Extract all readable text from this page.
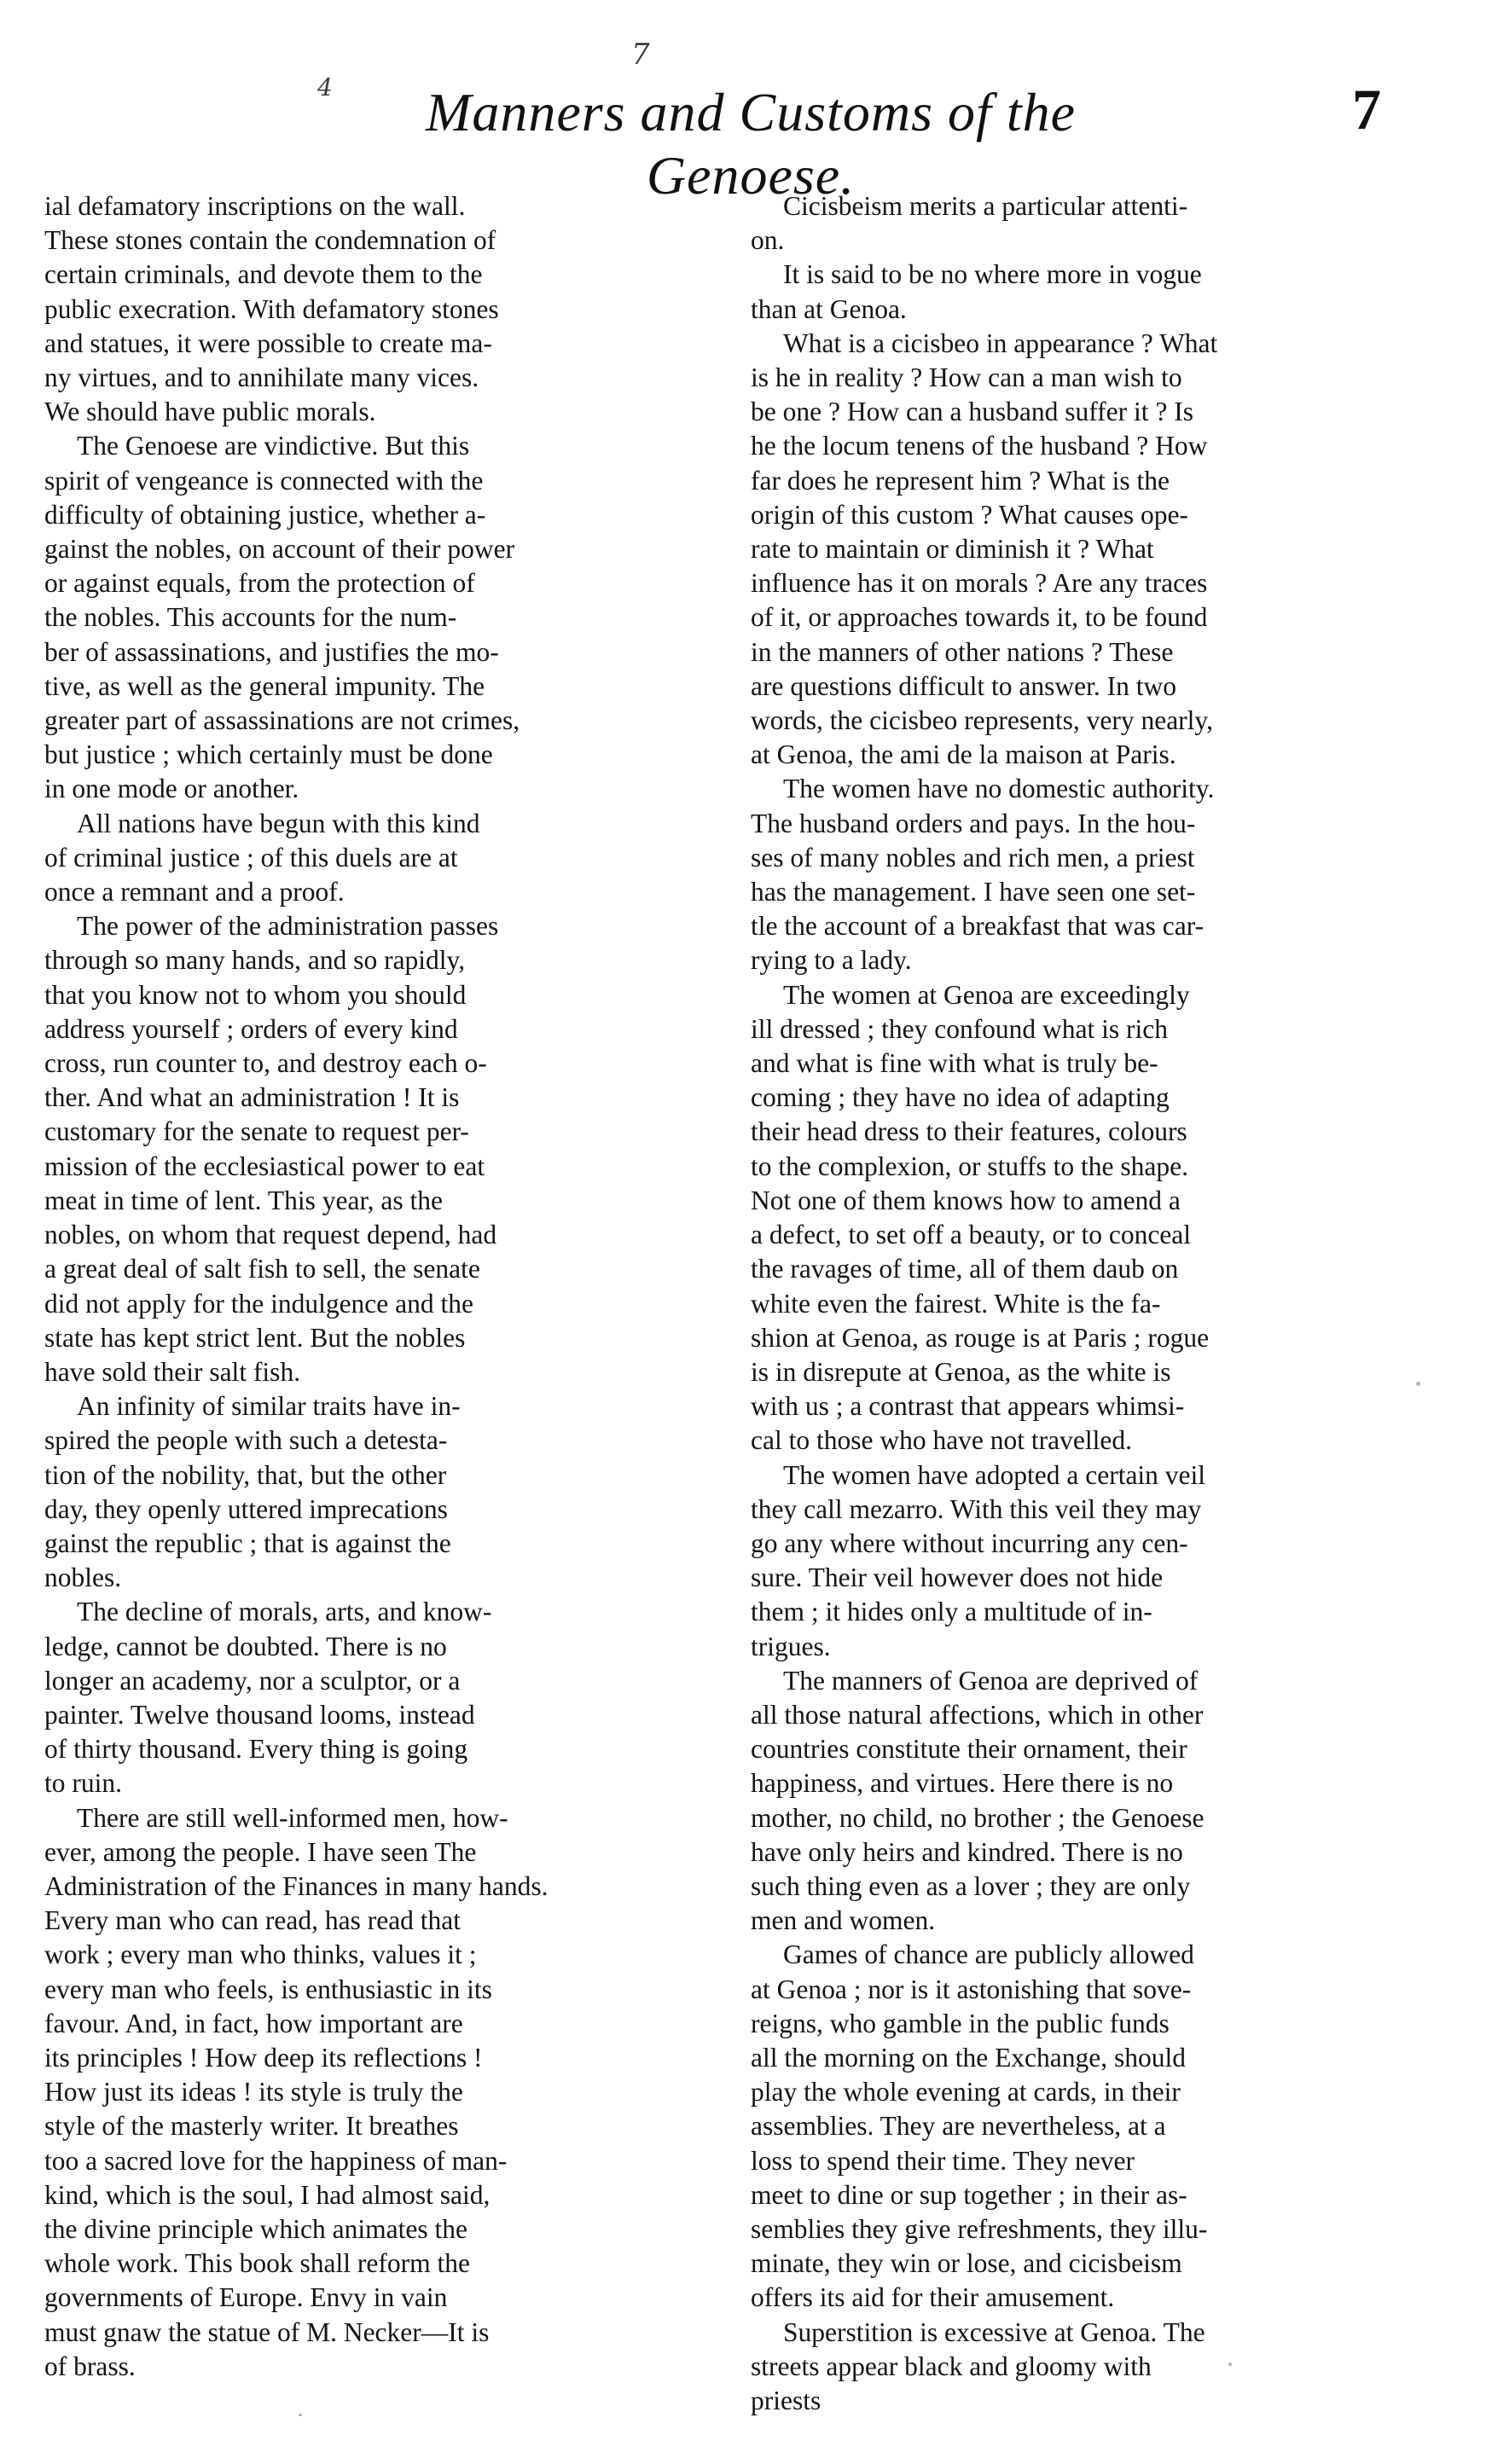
4
7
Manners and Customs of the Genoese.
7

ial defamatory inscriptions on the wall.
These stones contain the condemnation of
certain criminals, and devote them to the
public execration. With defamatory stones
and statues, it were possible to create ma-
ny virtues, and to annihilate many vices.
We should have public morals.

The Genoese are vindictive. But this
spirit of vengeance is connected with the
difficulty of obtaining justice, whether a-
gainst the nobles, on account of their power
or against equals, from the protection of
the nobles. This accounts for the num-
ber of assassinations, and justifies the mo-
tive, as well as the general impunity. The
greater part of assassinations are not crimes,
but justice ; which certainly must be done
in one mode or another.

All nations have begun with this kind
of criminal justice ; of this duels are at
once a remnant and a proof.

The power of the administration passes
through so many hands, and so rapidly,
that you know not to whom you should
address yourself ; orders of every kind
cross, run counter to, and destroy each o-
ther. And what an administration ! It is
customary for the senate to request per-
mission of the ecclesiastical power to eat
meat in time of lent. This year, as the
nobles, on whom that request depend, had
a great deal of salt fish to sell, the senate
did not apply for the indulgence and the
state has kept strict lent. But the nobles
have sold their salt fish.

An infinity of similar traits have in-
spired the people with such a detesta-
tion of the nobility, that, but the other
day, they openly uttered imprecations
gainst the republic ; that is against the
nobles.

The decline of morals, arts, and know-
ledge, cannot be doubted. There is no
longer an academy, nor a sculptor, or a
painter. Twelve thousand looms, instead
of thirty thousand. Every thing is going
to ruin.

There are still well-informed men, how-
ever, among the people. I have seen The
Administration of the Finances in many hands.
Every man who can read, has read that
work ; every man who thinks, values it ;
every man who feels, is enthusiastic in its
favour. And, in fact, how important are
its principles ! How deep its reflections !
How just its ideas ! its style is truly the
style of the masterly writer. It breathes
too a sacred love for the happiness of man-
kind, which is the soul, I had almost said,
the divine principle which animates the
whole work. This book shall reform the
governments of Europe. Envy in vain
must gnaw the statue of M. Necker—It is
of brass.

Cicisbeism merits a particular attenti-
on.

It is said to be no where more in vogue
than at Genoa.

What is a cicisbeo in appearance ? What
is he in reality ? How can a man wish to
be one ? How can a husband suffer it ? Is
he the locum tenens of the husband ? How
far does he represent him ? What is the
origin of this custom ? What causes ope-
rate to maintain or diminish it ? What
influence has it on morals ? Are any traces
of it, or approaches towards it, to be found
in the manners of other nations ? These
are questions difficult to answer. In two
words, the cicisbeo represents, very nearly,
at Genoa, the ami de la maison at Paris.

The women have no domestic authority.
The husband orders and pays. In the hou-
ses of many nobles and rich men, a priest
has the management. I have seen one set-
tle the account of a breakfast that was car-
rying to a lady.

The women at Genoa are exceedingly
ill dressed ; they confound what is rich
and what is fine with what is truly be-
coming ; they have no idea of adapting
their head dress to their features, colours
to the complexion, or stuffs to the shape.
Not one of them knows how to amend a
a defect, to set off a beauty, or to conceal
the ravages of time, all of them daub on
white even the fairest. White is the fa-
shion at Genoa, as rouge is at Paris ; rogue
is in disrepute at Genoa, as the white is
with us ; a contrast that appears whimsi-
cal to those who have not travelled.

The women have adopted a certain veil
they call mezarro. With this veil they may
go any where without incurring any cen-
sure. Their veil however does not hide
them ; it hides only a multitude of in-
trigues.

The manners of Genoa are deprived of
all those natural affections, which in other
countries constitute their ornament, their
happiness, and virtues. Here there is no
mother, no child, no brother ; the Genoese
have only heirs and kindred. There is no
such thing even as a lover ; they are only
men and women.

Games of chance are publicly allowed
at Genoa ; nor is it astonishing that sove-
reigns, who gamble in the public funds
all the morning on the Exchange, should
play the whole evening at cards, in their
assemblies. They are nevertheless, at a
loss to spend their time. They never
meet to dine or sup together ; in their as-
semblies they give refreshments, they illu-
minate, they win or lose, and cicisbeism
offers its aid for their amusement.

Superstition is excessive at Genoa. The
streets appear black and gloomy with
priests
